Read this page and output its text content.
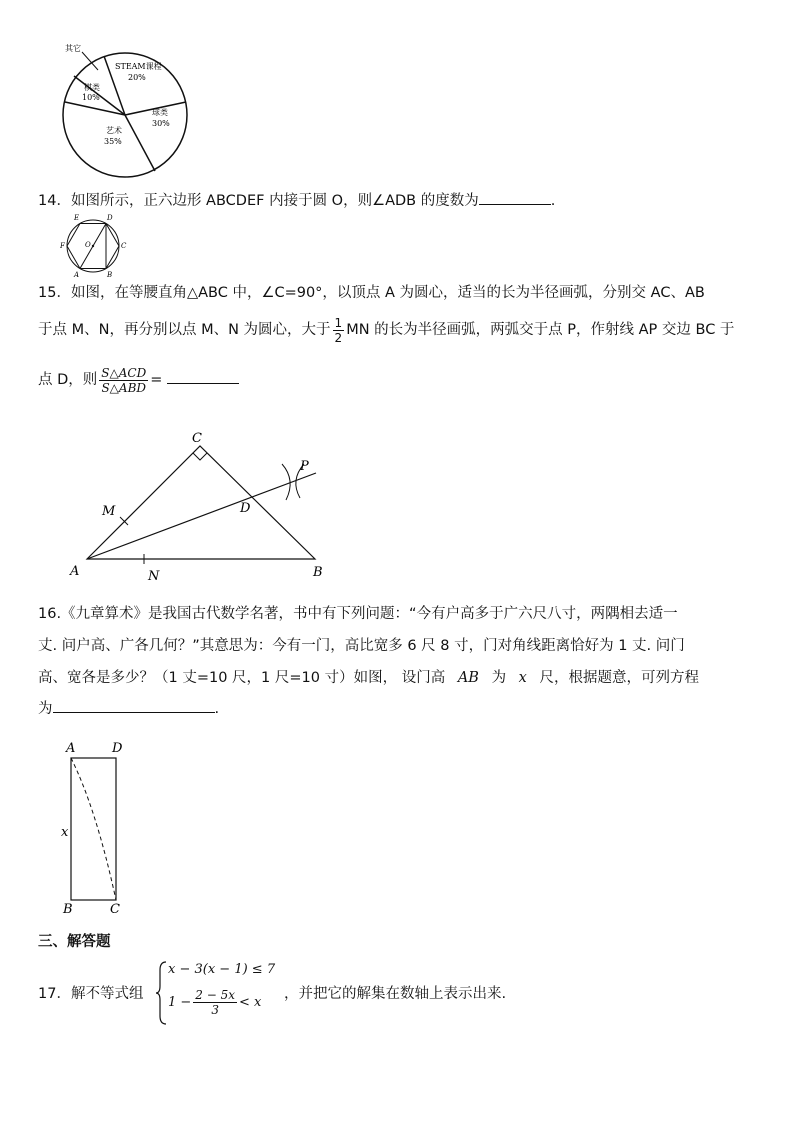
其它
STEAM课程
20%
棋类
10%
球类
30%
艺术
35%
14．如图所示，正六边形 ABCDEF 内接于圆 O，则∠ADB 的度数为	.
E	D
F	O	C
A	B
15．如图，在等腰直角△ABC 中，∠C=90°，以顶点 A 为圆心，适当的长为半径画弧，分别交 AC、AB
于点 M、N，再分别以点 M、N 为圆心，大于 $\frac{1}{2}$ MN 的长为半径画弧，两弧交于点 P，作射线 AP 交边 BC 于
点 D，则 $\frac{\text{S△ACD}}{\text{S△ABD}}$ =
C
P
M	D
A	N	B
16.《九章算术》是我国古代数学名著，书中有下列问题：“今有户高多于广六尺八寸，两隅相去适一
丈. 问户高、广各几何？”其意思为：今有一门，高比宽多 6 尺 8 寸，门对角线距离恰好为 1 丈. 问门
高、宽各是多少？（1 丈=10 尺，1 尺=10 寸）如图， 设门高 AB 为 x 尺，根据题意，可列方程
为	.
A	D
x
B	C
三、解答题
17．解不等式组
x − 3(x − 1) ≤ 7
$1 - \frac{2 - 5x}{3} < x$
，并把它的解集在数轴上表示出来.
